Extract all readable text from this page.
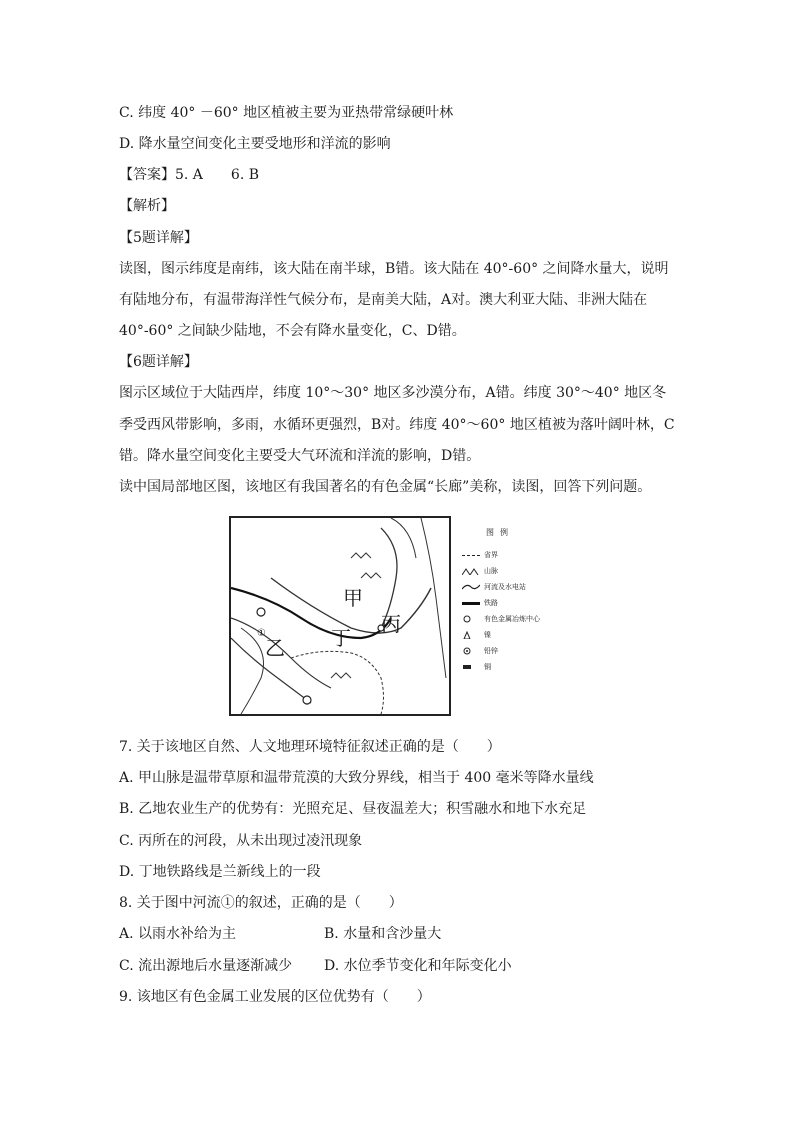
C. 纬度 40° －60° 地区植被主要为亚热带常绿硬叶林
D. 降水量空间变化主要受地形和洋流的影响
【答案】5. A　　6. B
【解析】
【5题详解】
读图，图示纬度是南纬，该大陆在南半球，B错。该大陆在 40°-60° 之间降水量大，说明
有陆地分布，有温带海洋性气候分布，是南美大陆，A对。澳大利亚大陆、非洲大陆在
40°-60° 之间缺少陆地，不会有降水量变化，C、D错。
【6题详解】
图示区域位于大陆西岸，纬度 10°～30° 地区多沙漠分布，A错。纬度 30°～40° 地区冬
季受西风带影响，多雨，水循环更强烈，B对。纬度 40°～60° 地区植被为落叶阔叶林，C
错。降水量空间变化主要受大气环流和洋流的影响，D错。
读中国局部地区图，该地区有我国著名的有色金属“长廊”美称，读图，回答下列问题。
甲
乙
丙
丁
①
图例
省界
山脉
河流及水电站
铁路
有色金属冶炼中心
镍
铅锌
铜
7. 关于该地区自然、人文地理环境特征叙述正确的是（　　）
A. 甲山脉是温带草原和温带荒漠的大致分界线，相当于 400 毫米等降水量线
B. 乙地农业生产的优势有：光照充足、昼夜温差大；积雪融水和地下水充足
C. 丙所在的河段，从未出现过凌汛现象
D. 丁地铁路线是兰新线上的一段
8. 关于图中河流①的叙述，正确的是（　　）
A. 以雨水补给为主	B. 水量和含沙量大
C. 流出源地后水量逐渐减少 D. 水位季节变化和年际变化小
9. 该地区有色金属工业发展的区位优势有（　　）
